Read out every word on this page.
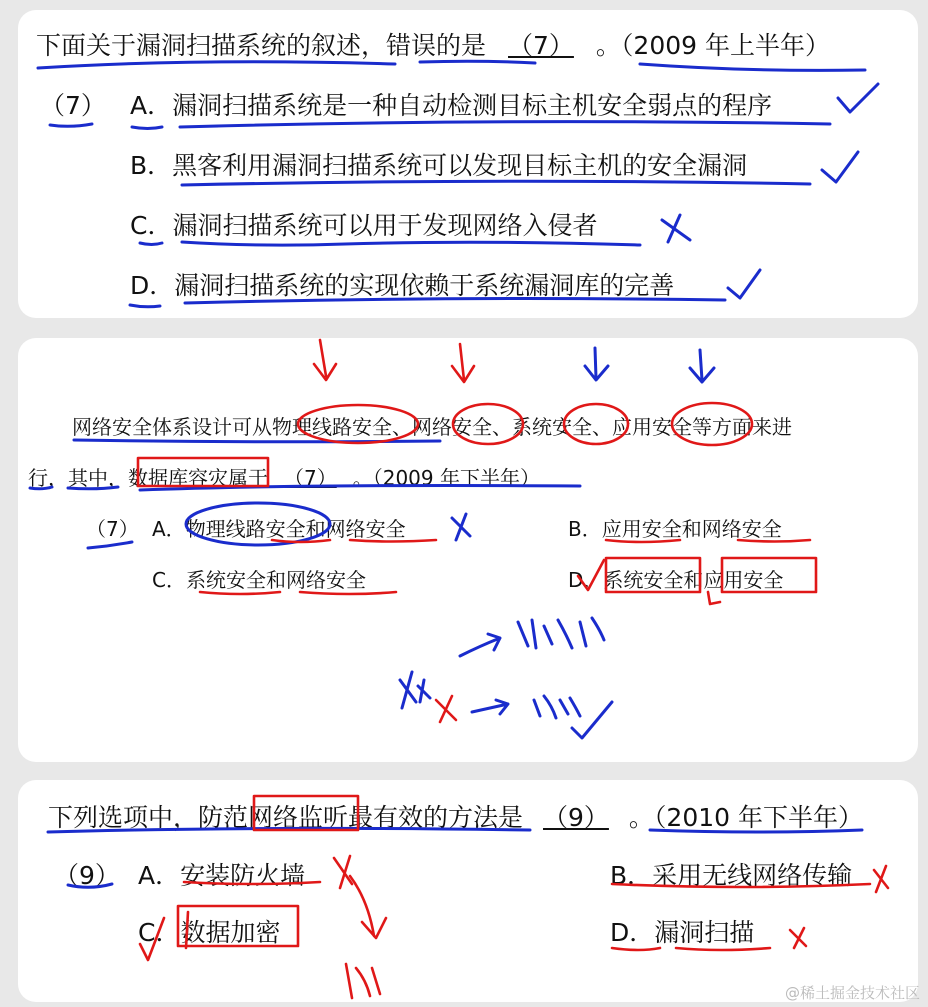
下面关于漏洞扫描系统的叙述，错误的是 （7） 。（2009 年上半年）
（7） A．漏洞扫描系统是一种自动检测目标主机安全弱点的程序
B．黑客利用漏洞扫描系统可以发现目标主机的安全漏洞
C．漏洞扫描系统可以用于发现网络入侵者
D．漏洞扫描系统的实现依赖于系统漏洞库的完善
网络安全体系设计可从物理线路安全、网络安全、系统安全、应用安全等方面来进
行，其中，数据库容灾属于 （7） 。（2009 年下半年）
（7） A．物理线路安全和网络安全	B．应用安全和网络安全
C．系统安全和网络安全	D．系统安全和应用安全
下列选项中，防范网络监听最有效的方法是 （9） 。（2010 年下半年）
（9） A．安装防火墙	B．采用无线网络传输
C．数据加密	D．漏洞扫描
@稀土掘金技术社区
